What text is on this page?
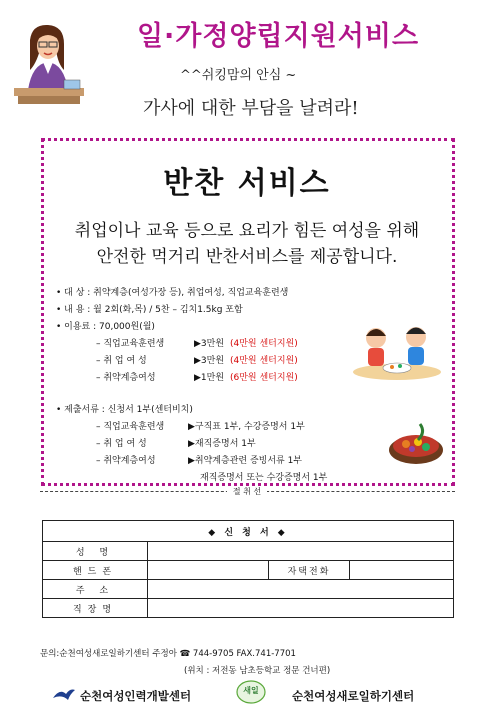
일·가정양립지원서비스
^^쉬킹맘의 안심 ~
가사에 대한 부담을 날려라!
반찬 서비스
취업이나 교육 등으로 요리가 힘든 여성을 위해
안전한 먹거리 반찬서비스를 제공합니다.
• 대 상 : 취약계층(여성가장 등), 취업여성, 직업교육훈련생
• 내 용 : 월 2회(화,목) / 5찬 – 김치1.5kg 포함
• 이용료 : 70,000원(월)
– 직업교육훈련생	▶3만원 (4만원 센터지원)
– 취 업 여 성	▶3만원 (4만원 센터지원)
– 취약계층여성	▶1만원 (6만원 센터지원)
• 제출서류 : 신청서 1부(센터비치)
– 직업교육훈련생	▶구직표 1부, 수강증명서 1부
– 취 업 여 성	▶재직증명서 1부
– 취약계층여성	▶취약계층관련 증빙서류 1부
재직증명서 또는 수강증명서 1부
절 취 선
◆ 신 청 서 ◆			
성 명			
핸드폰		자택전화	
주 소			
직장명			
문의:순천여성새로일하기센터 주정아 ☎ 744-9705 FAX.741-7701
(위치 : 저전동 남초등학교 정문 건너편)
순천여성인력개발센터	새일	순천여성새로일하기센터
